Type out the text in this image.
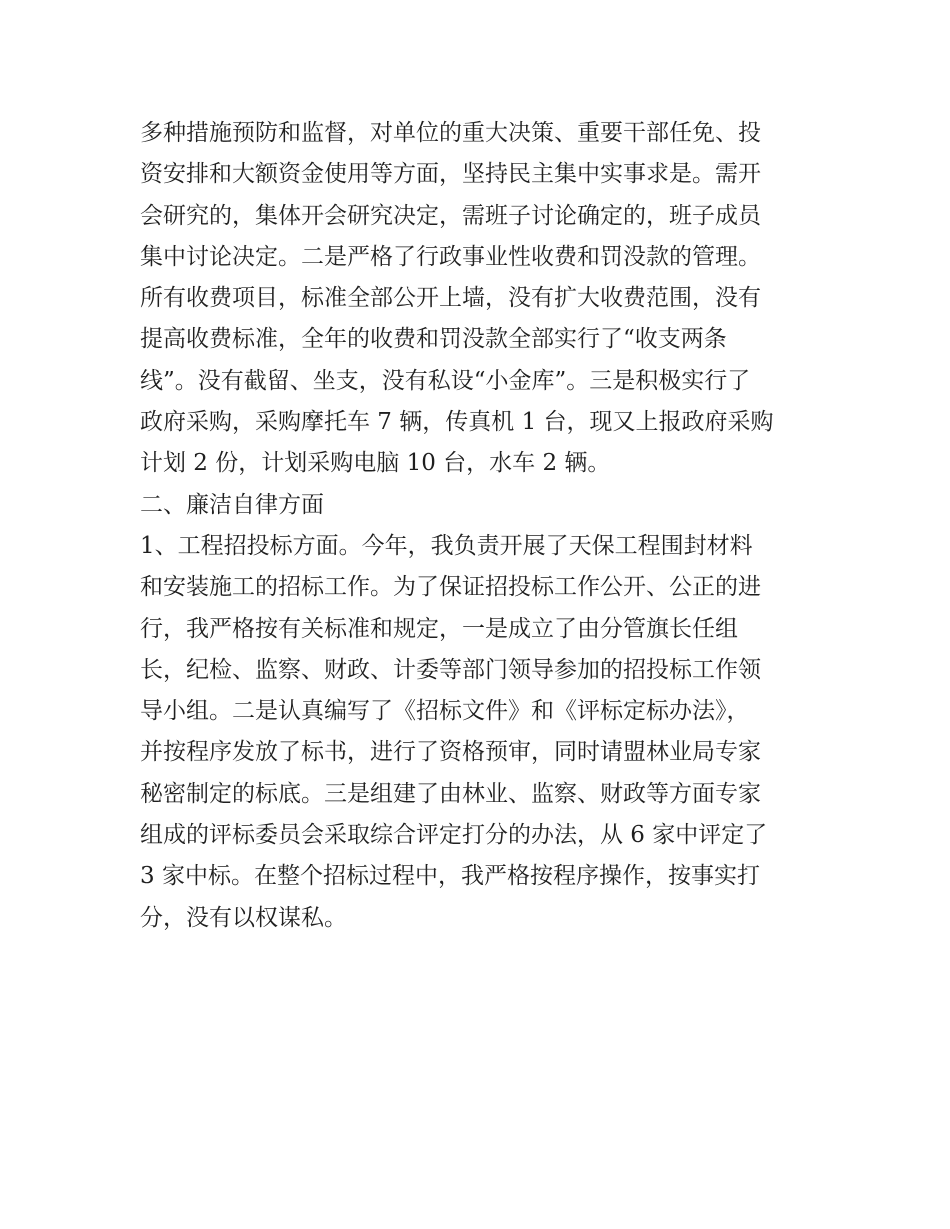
多种措施预防和监督，对单位的重大决策、重要干部任免、投
资安排和大额资金使用等方面，坚持民主集中实事求是。需开
会研究的，集体开会研究决定，需班子讨论确定的，班子成员
集中讨论决定。二是严格了行政事业性收费和罚没款的管理。
所有收费项目，标准全部公开上墙，没有扩大收费范围，没有
提高收费标准，全年的收费和罚没款全部实行了“收支两条
线”。没有截留、坐支，没有私设“小金库”。三是积极实行了
政府采购，采购摩托车 7 辆，传真机 1 台，现又上报政府采购
计划 2 份，计划采购电脑 10 台，水车 2 辆。
二、廉洁自律方面
1、工程招投标方面。今年，我负责开展了天保工程围封材料
和安装施工的招标工作。为了保证招投标工作公开、公正的进
行，我严格按有关标准和规定，一是成立了由分管旗长任组
长，纪检、监察、财政、计委等部门领导参加的招投标工作领
导小组。二是认真编写了《招标文件》和《评标定标办法》，
并按程序发放了标书，进行了资格预审，同时请盟林业局专家
秘密制定的标底。三是组建了由林业、监察、财政等方面专家
组成的评标委员会采取综合评定打分的办法，从 6 家中评定了
3 家中标。在整个招标过程中，我严格按程序操作，按事实打
分，没有以权谋私。
